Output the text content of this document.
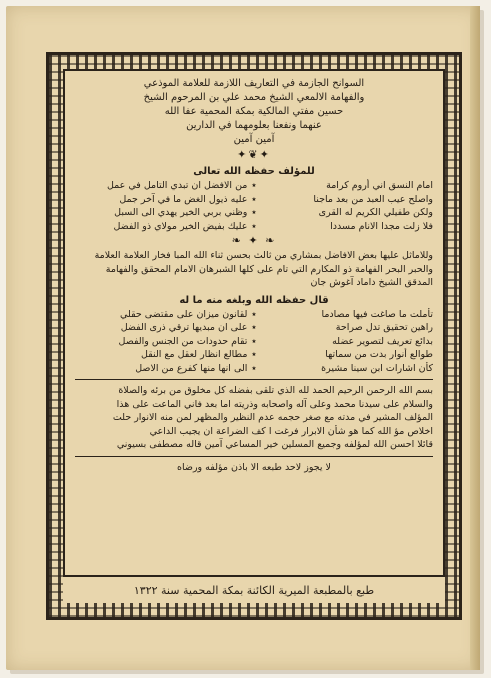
السوانح الجازمة في التعاريف اللازمة للعلامة الموذعي
والفهامة الالمعي الشيخ محمد علي بن المرحوم الشيخ
حسين مفتي المالكية بمكة المحمية عفا الله
عنهما ونفعنا بعلومهما في الدارين
آمين آمين
✦❦✦
للمؤلف حفظه الله تعالى
امام النسق اني أروم كرامة
٭
من الافضل ان تبدي التامل في عمل
واصلح عيب العبد من بعد ماجنا
٭
عليه ذيول الغض ما في آخر جمل
ولكن طفيلي الكريم له القرى
٭
وظني بربي الخير يهدي الى السبل
فلا زلت مجدا الانام مسددا
٭
عليك بفيض الخير مولاي ذو الفضل
❧ ✦ ❧
وللاماثل عليها بعض الافاضل بمشاري من ثالث بحسن ثناء الله المبا فخار العلامة العلامة
والحبر البحر الفهامة ذو المكارم التي تام على كلها الشبرهان الامام المحقق والفهامة
المدقق الشيخ داماد آغوش جان
قال حفظه الله وبلغه منه ما له
تأملت ما صاغت فيها مصادما
٭
لقانون ميزان على مقتضى حقلي
راهين تحقيق تدل صراحة
٭
على ان مبديها ترقي ذرى الفضل
بدائع تعريف لتصوير عضله
٭
تقام حدودات من الجنس والفصل
طوالع أنوار بدت من سماتها
٭
مطالع انظار لعقل مع النقل
كأن اشارات ابن سينا مشيرة
٭
الى انها منها كفرع من الاصل
بسم الله الرحمن الرحيم الحمد لله الذي تلقى بفضله كل مخلوق من برئه والصلاة
والسلام على سيدنا محمد وعلى آله واصحابه وذريته اما بعد فاني الماعت على هذا
المؤلف المشير في مدته مع صغر حجمه عدم النظير والمظهر لمن منه الانوار حلت
اخلاص مؤ الله كما هو شأن الابرار فرغت ا كف الضراعة ان يجيب الداعي
قائلا احسن الله لمؤلفه وجميع المسلين خير المساعي آمين قاله مصطفى بسيوني
لا يجوز لاحد طبعه الا باذن مؤلفه ورضاه
طبع بالمطبعة الميرية الكائنة بمكة المحمية سنة ١٣٢٢
